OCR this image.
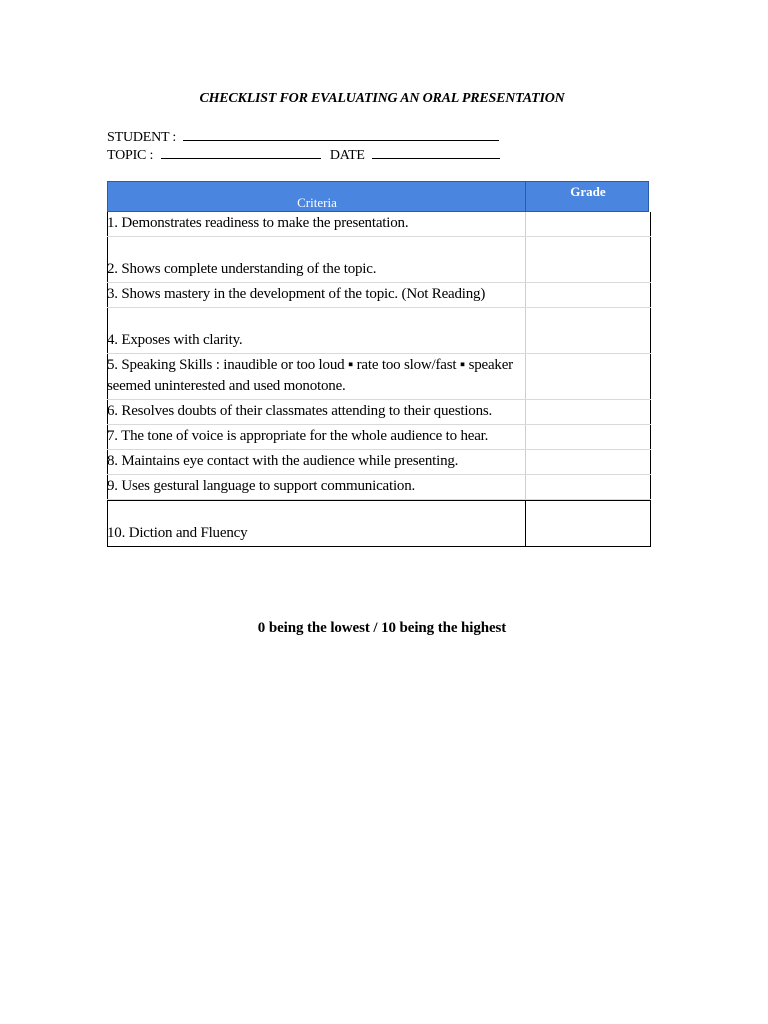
CHECKLIST FOR EVALUATING AN ORAL PRESENTATION
STUDENT :
TOPIC :	DATE
Criteria
Grade
1. Demonstrates readiness to make the presentation.
2. Shows complete understanding of the topic.
3. Shows mastery in the development of the topic. (Not Reading)
4. Exposes with clarity.
5. Speaking Skills : inaudible or too loud ▪ rate too slow/fast ▪ speaker seemed uninterested and used monotone.
6. Resolves doubts of their classmates attending to their questions.
7. The tone of voice is appropriate for the whole audience to hear.
8. Maintains eye contact with the audience while presenting.
9. Uses gestural language to support communication.
10. Diction and Fluency
0 being the lowest / 10 being the highest
